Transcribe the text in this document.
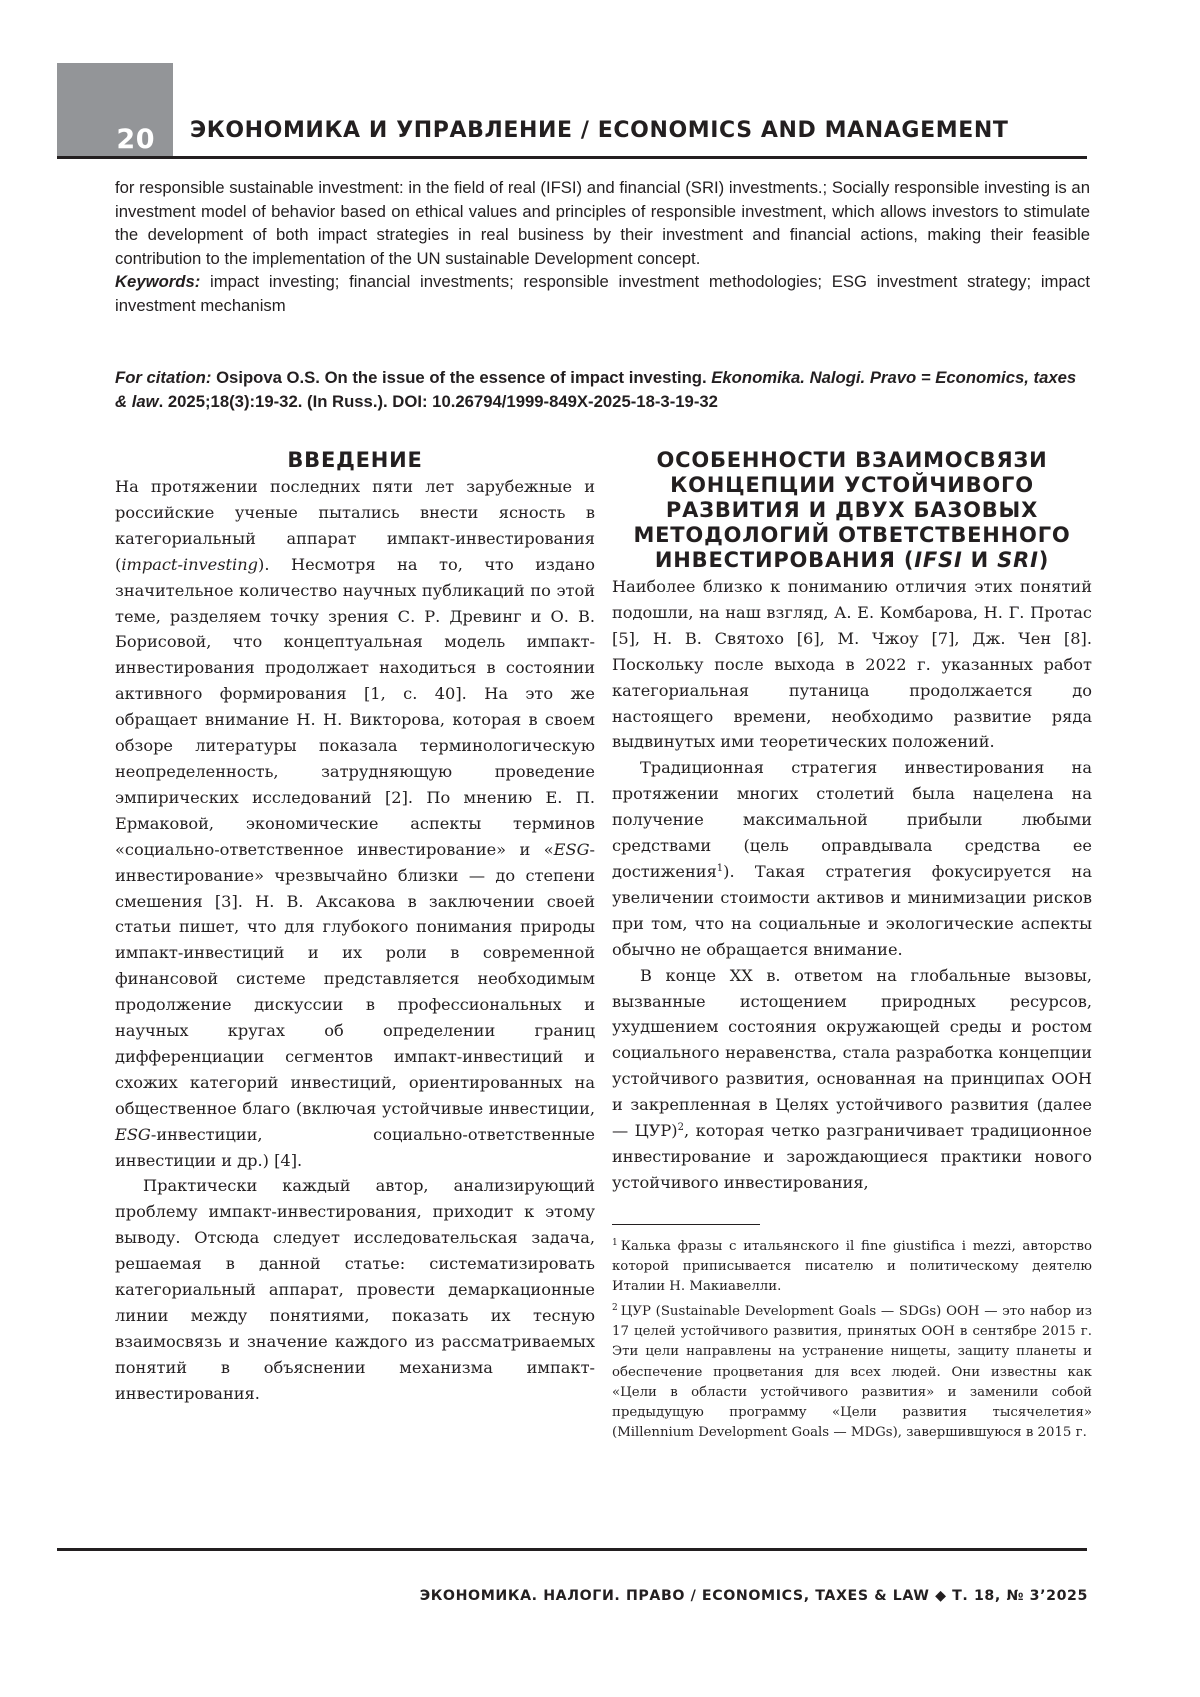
20	ЭКОНОМИКА И УПРАВЛЕНИЕ / ECONOMICS AND MANAGEMENT

for responsible sustainable investment: in the field of real (IFSI) and financial (SRI) investments.; Socially responsible investing is an investment model of behavior based on ethical values and principles of responsible investment, which allows investors to stimulate the development of both impact strategies in real business by their investment and financial actions, making their feasible contribution to the implementation of the UN sustainable Development concept.

Keywords: impact investing; financial investments; responsible investment methodologies; ESG investment strategy; impact investment mechanism

For citation: Osipova O.S. On the issue of the essence of impact investing. Ekonomika. Nalogi. Pravo = Economics, taxes & law. 2025;18(3):19-32. (In Russ.). DOI: 10.26794/1999-849X-2025-18-3-19-32
ВВЕДЕНИЕ

На протяжении последних пяти лет зарубежные и российские ученые пытались внести ясность в категориальный аппарат импакт-инвестирования (impact-investing). Несмотря на то, что издано значительное количество научных публикаций по этой теме, разделяем точку зрения С. Р. Древинг и О. В. Борисовой, что концептуальная модель импакт-инвестирования продолжает находиться в состоянии активного формирования [1, с. 40]. На это же обращает внимание Н. Н. Викторова, которая в своем обзоре литературы показала терминологическую неопределенность, затрудняющую проведение эмпирических исследований [2]. По мнению Е. П. Ермаковой, экономические аспекты терминов «социально-ответственное инвестирование» и «ESG-инвестирование» чрезвычайно близки — до степени смешения [3]. Н. В. Аксакова в заключении своей статьи пишет, что для глубокого понимания природы импакт-инвестиций и их роли в современной финансовой системе представляется необходимым продолжение дискуссии в профессиональных и научных кругах об определении границ дифференциации сегментов импакт-инвестиций и схожих категорий инвестиций, ориентированных на общественное благо (включая устойчивые инвестиции, ESG-инвестиции, социально-ответственные инвестиции и др.) [4].

Практически каждый автор, анализирующий проблему импакт-инвестирования, приходит к этому выводу. Отсюда следует исследовательская задача, решаемая в данной статье: систематизировать категориальный аппарат, провести демаркационные линии между понятиями, показать их тесную взаимосвязь и значение каждого из рассматриваемых понятий в объяснении механизма импакт-инвестирования.

ОСОБЕННОСТИ ВЗАИМОСВЯЗИ КОНЦЕПЦИИ УСТОЙЧИВОГО РАЗВИТИЯ И ДВУХ БАЗОВЫХ МЕТОДОЛОГИЙ ОТВЕТСТВЕННОГО ИНВЕСТИРОВАНИЯ (IFSI И SRI)

Наиболее близко к пониманию отличия этих понятий подошли, на наш взгляд, А. Е. Комбарова, Н. Г. Протас [5], Н. В. Святохо [6], М. Чжоу [7], Дж. Чен [8]. Поскольку после выхода в 2022 г. указанных работ категориальная путаница продолжается до настоящего времени, необходимо развитие ряда выдвинутых ими теоретических положений.

Традиционная стратегия инвестирования на протяжении многих столетий была нацелена на получение максимальной прибыли любыми средствами (цель оправдывала средства ее достижения$^1$). Такая стратегия фокусируется на увеличении стоимости активов и минимизации рисков при том, что на социальные и экологические аспекты обычно не обращается внимание.

В конце XX в. ответом на глобальные вызовы, вызванные истощением природных ресурсов, ухудшением состояния окружающей среды и ростом социального неравенства, стала разработка концепции устойчивого развития, основанная на принципах ООН и закрепленная в Целях устойчивого развития (далее — ЦУР)$^2$, которая четко разграничивает традиционное инвестирование и зарождающиеся практики нового устойчивого инвестирования,

$^1$ Калька фразы с итальянского il fine giustifica i mezzi, авторство которой приписывается писателю и политическому деятелю Италии Н. Макиавелли.

$^2$ ЦУР (Sustainable Development Goals — SDGs) ООН — это набор из 17 целей устойчивого развития, принятых ООН в сентябре 2015 г. Эти цели направлены на устранение нищеты, защиту планеты и обеспечение процветания для всех людей. Они известны как «Цели в области устойчивого развития» и заменили собой предыдущую программу «Цели развития тысячелетия» (Millennium Development Goals — MDGs), завершившуюся в 2015 г.

ЭКОНОМИКА. НАЛОГИ. ПРАВО / ECONOMICS, TAXES & LAW ◆ Т. 18, № 3’2025
